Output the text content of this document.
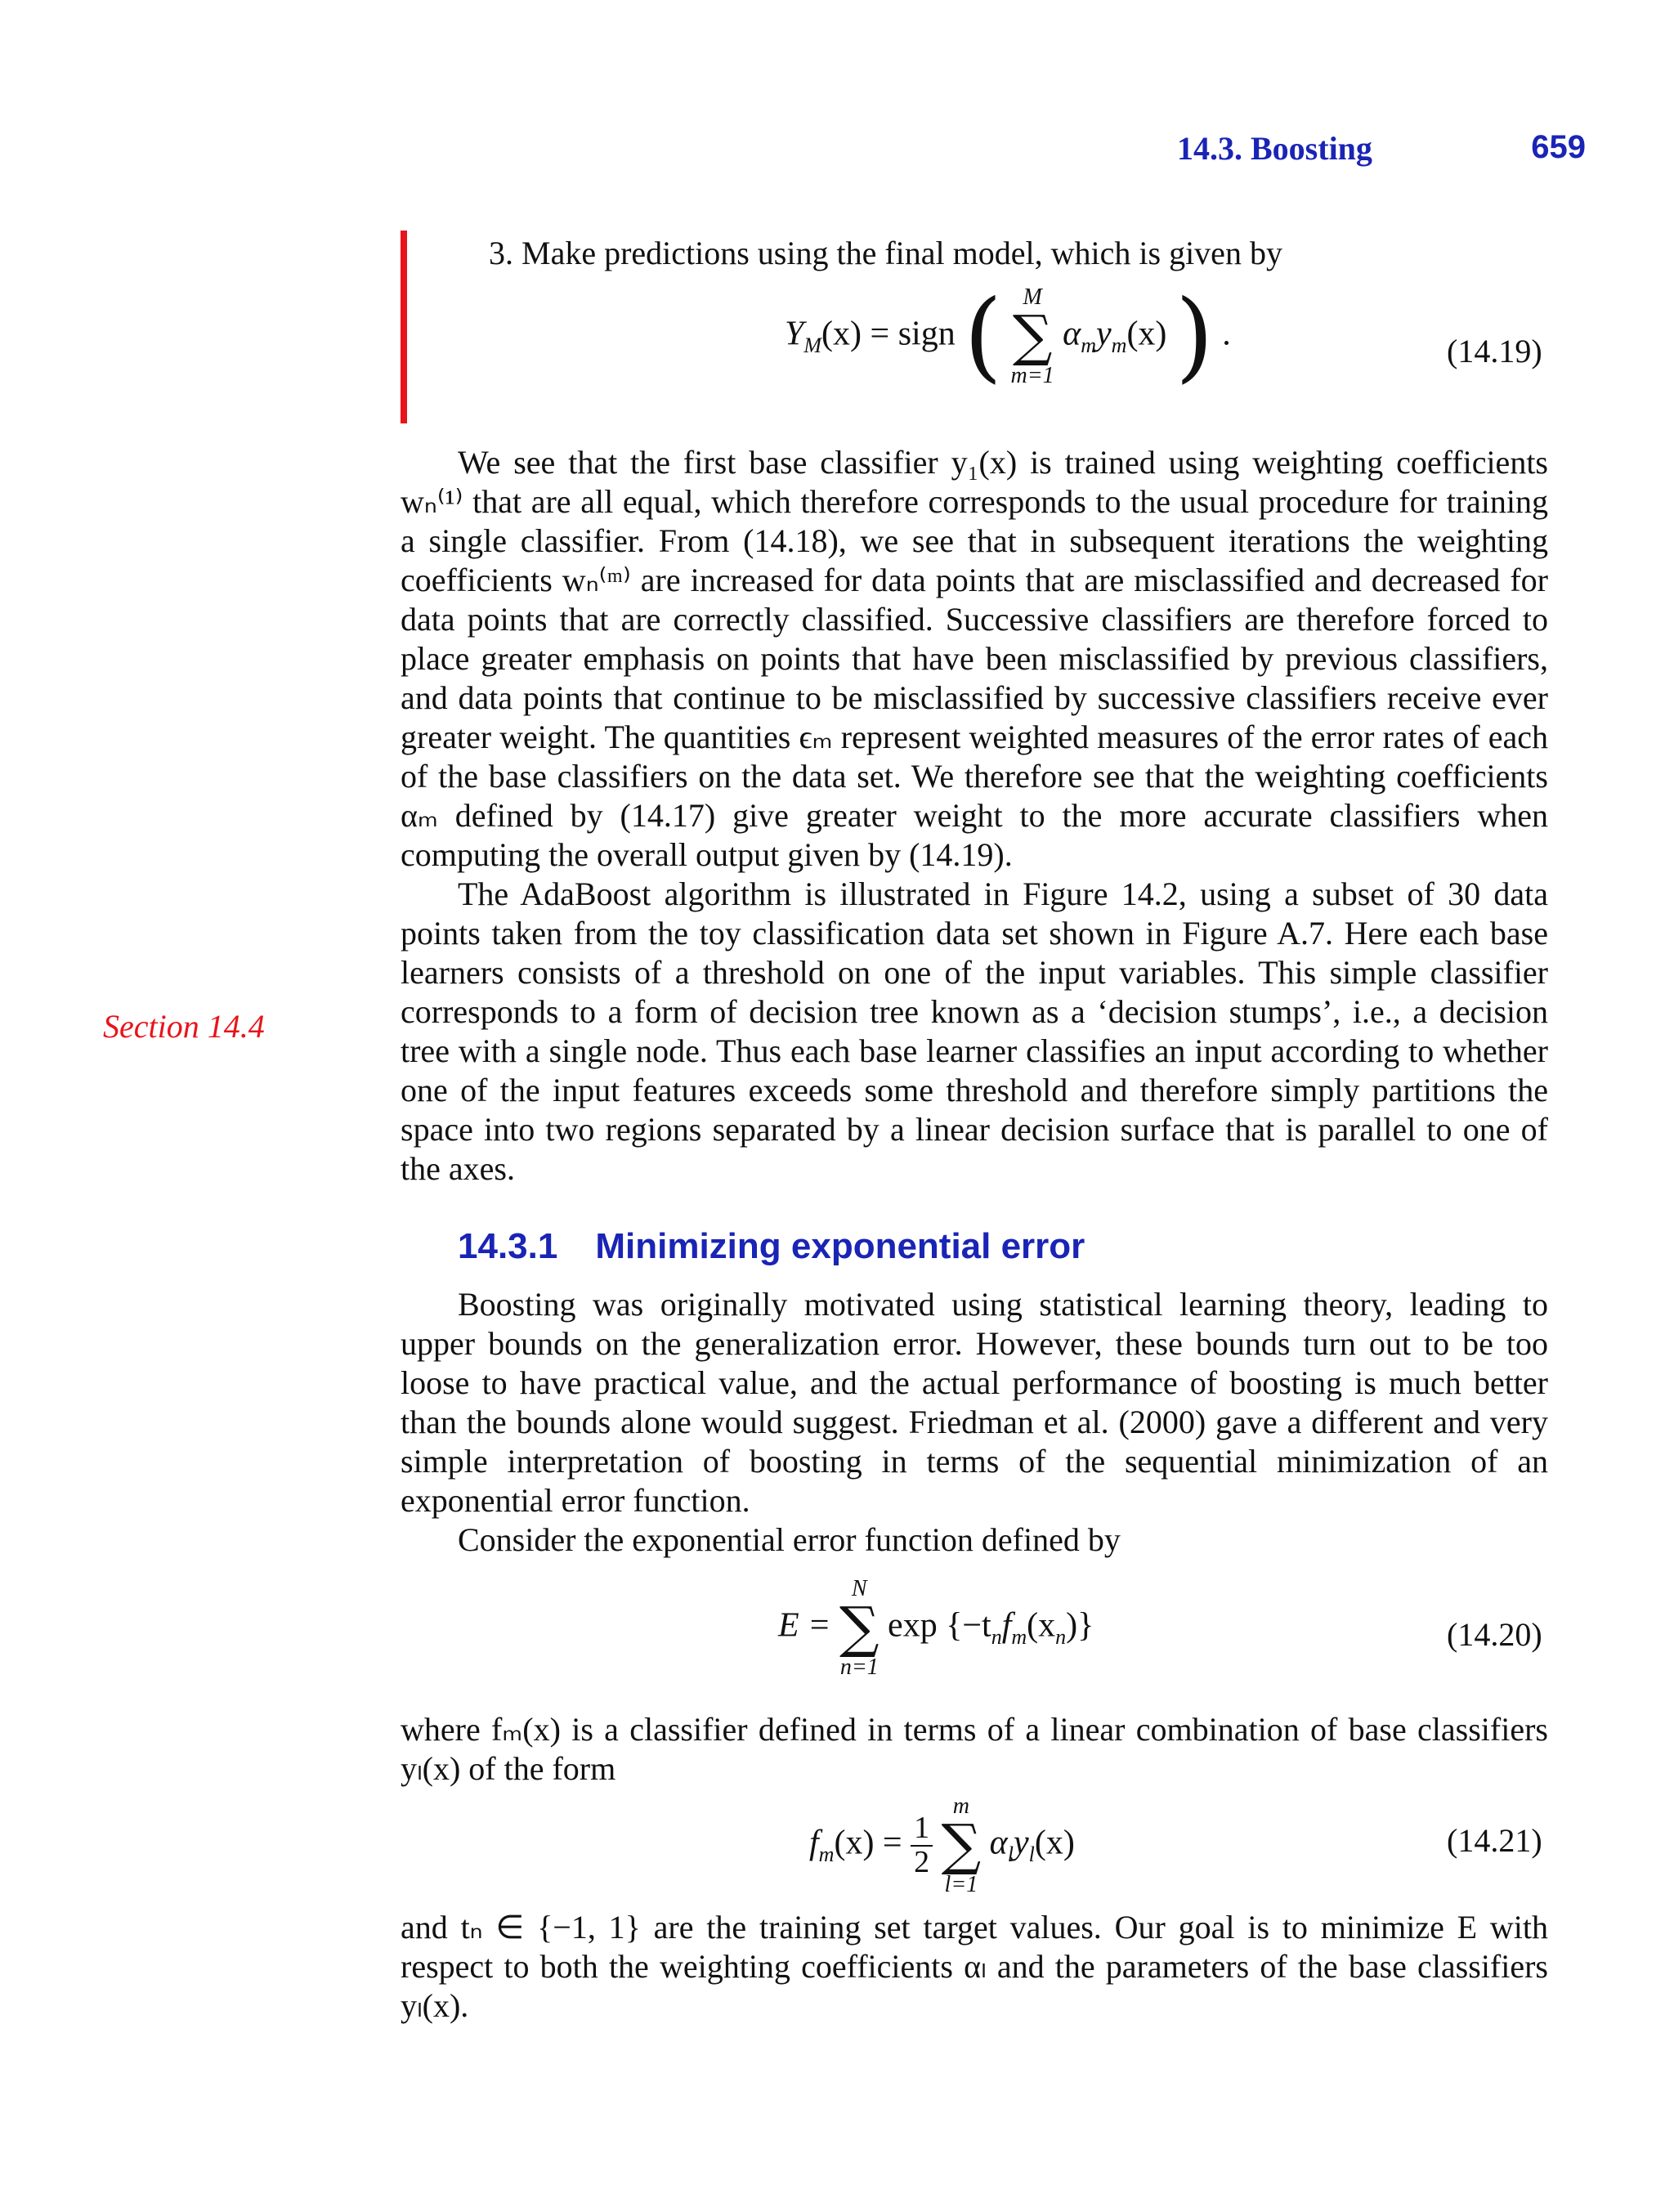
14.3. Boosting	659
3. Make predictions using the final model, which is given by
$Y_M(x)$ = sign ( M
∑
m=1
$\alpha_my_m(x)$ ) .	(14.19)

We see that the first base classifier y₁(x) is trained using weighting coefficients wₙ⁽¹⁾ that are all equal, which therefore corresponds to the usual procedure for training a single classifier. From (14.18), we see that in subsequent iterations the weighting coefficients wₙ⁽ᵐ⁾ are increased for data points that are misclassified and decreased for data points that are correctly classified. Successive classifiers are therefore forced to place greater emphasis on points that have been misclassified by previous classifiers, and data points that continue to be misclassified by successive classifiers receive ever greater weight. The quantities ϵₘ represent weighted measures of the error rates of each of the base classifiers on the data set. We therefore see that the weighting coefficients αₘ defined by (14.17) give greater weight to the more accurate classifiers when computing the overall output given by (14.19).

The AdaBoost algorithm is illustrated in Figure 14.2, using a subset of 30 data points taken from the toy classification data set shown in Figure A.7. Here each base learners consists of a threshold on one of the input variables. This simple classifier corresponds to a form of decision tree known as a ‘decision stumps’, i.e., a decision tree with a single node. Thus each base learner classifies an input according to whether one of the input features exceeds some threshold and therefore simply partitions the space into two regions separated by a linear decision surface that is parallel to one of the axes.

Section 14.4
14.3.1 Minimizing exponential error

Boosting was originally motivated using statistical learning theory, leading to upper bounds on the generalization error. However, these bounds turn out to be too loose to have practical value, and the actual performance of boosting is much better than the bounds alone would suggest. Friedman et al. (2000) gave a different and very simple interpretation of boosting in terms of the sequential minimization of an exponential error function.

Consider the exponential error function defined by

E =
N
∑
n=1
$\exp \{-t_nf_m(x_n)\}$	(14.20)

where fₘ(x) is a classifier defined in terms of a linear combination of base classifiers yₗ(x) of the form

$f_m(x) = \frac{1}{2}$

m
∑
l=1
$\alpha_ly_l(x)$	(14.21)

and tₙ ∈ {−1, 1} are the training set target values. Our goal is to minimize E with respect to both the weighting coefficients αₗ and the parameters of the base classifiers yₗ(x).
